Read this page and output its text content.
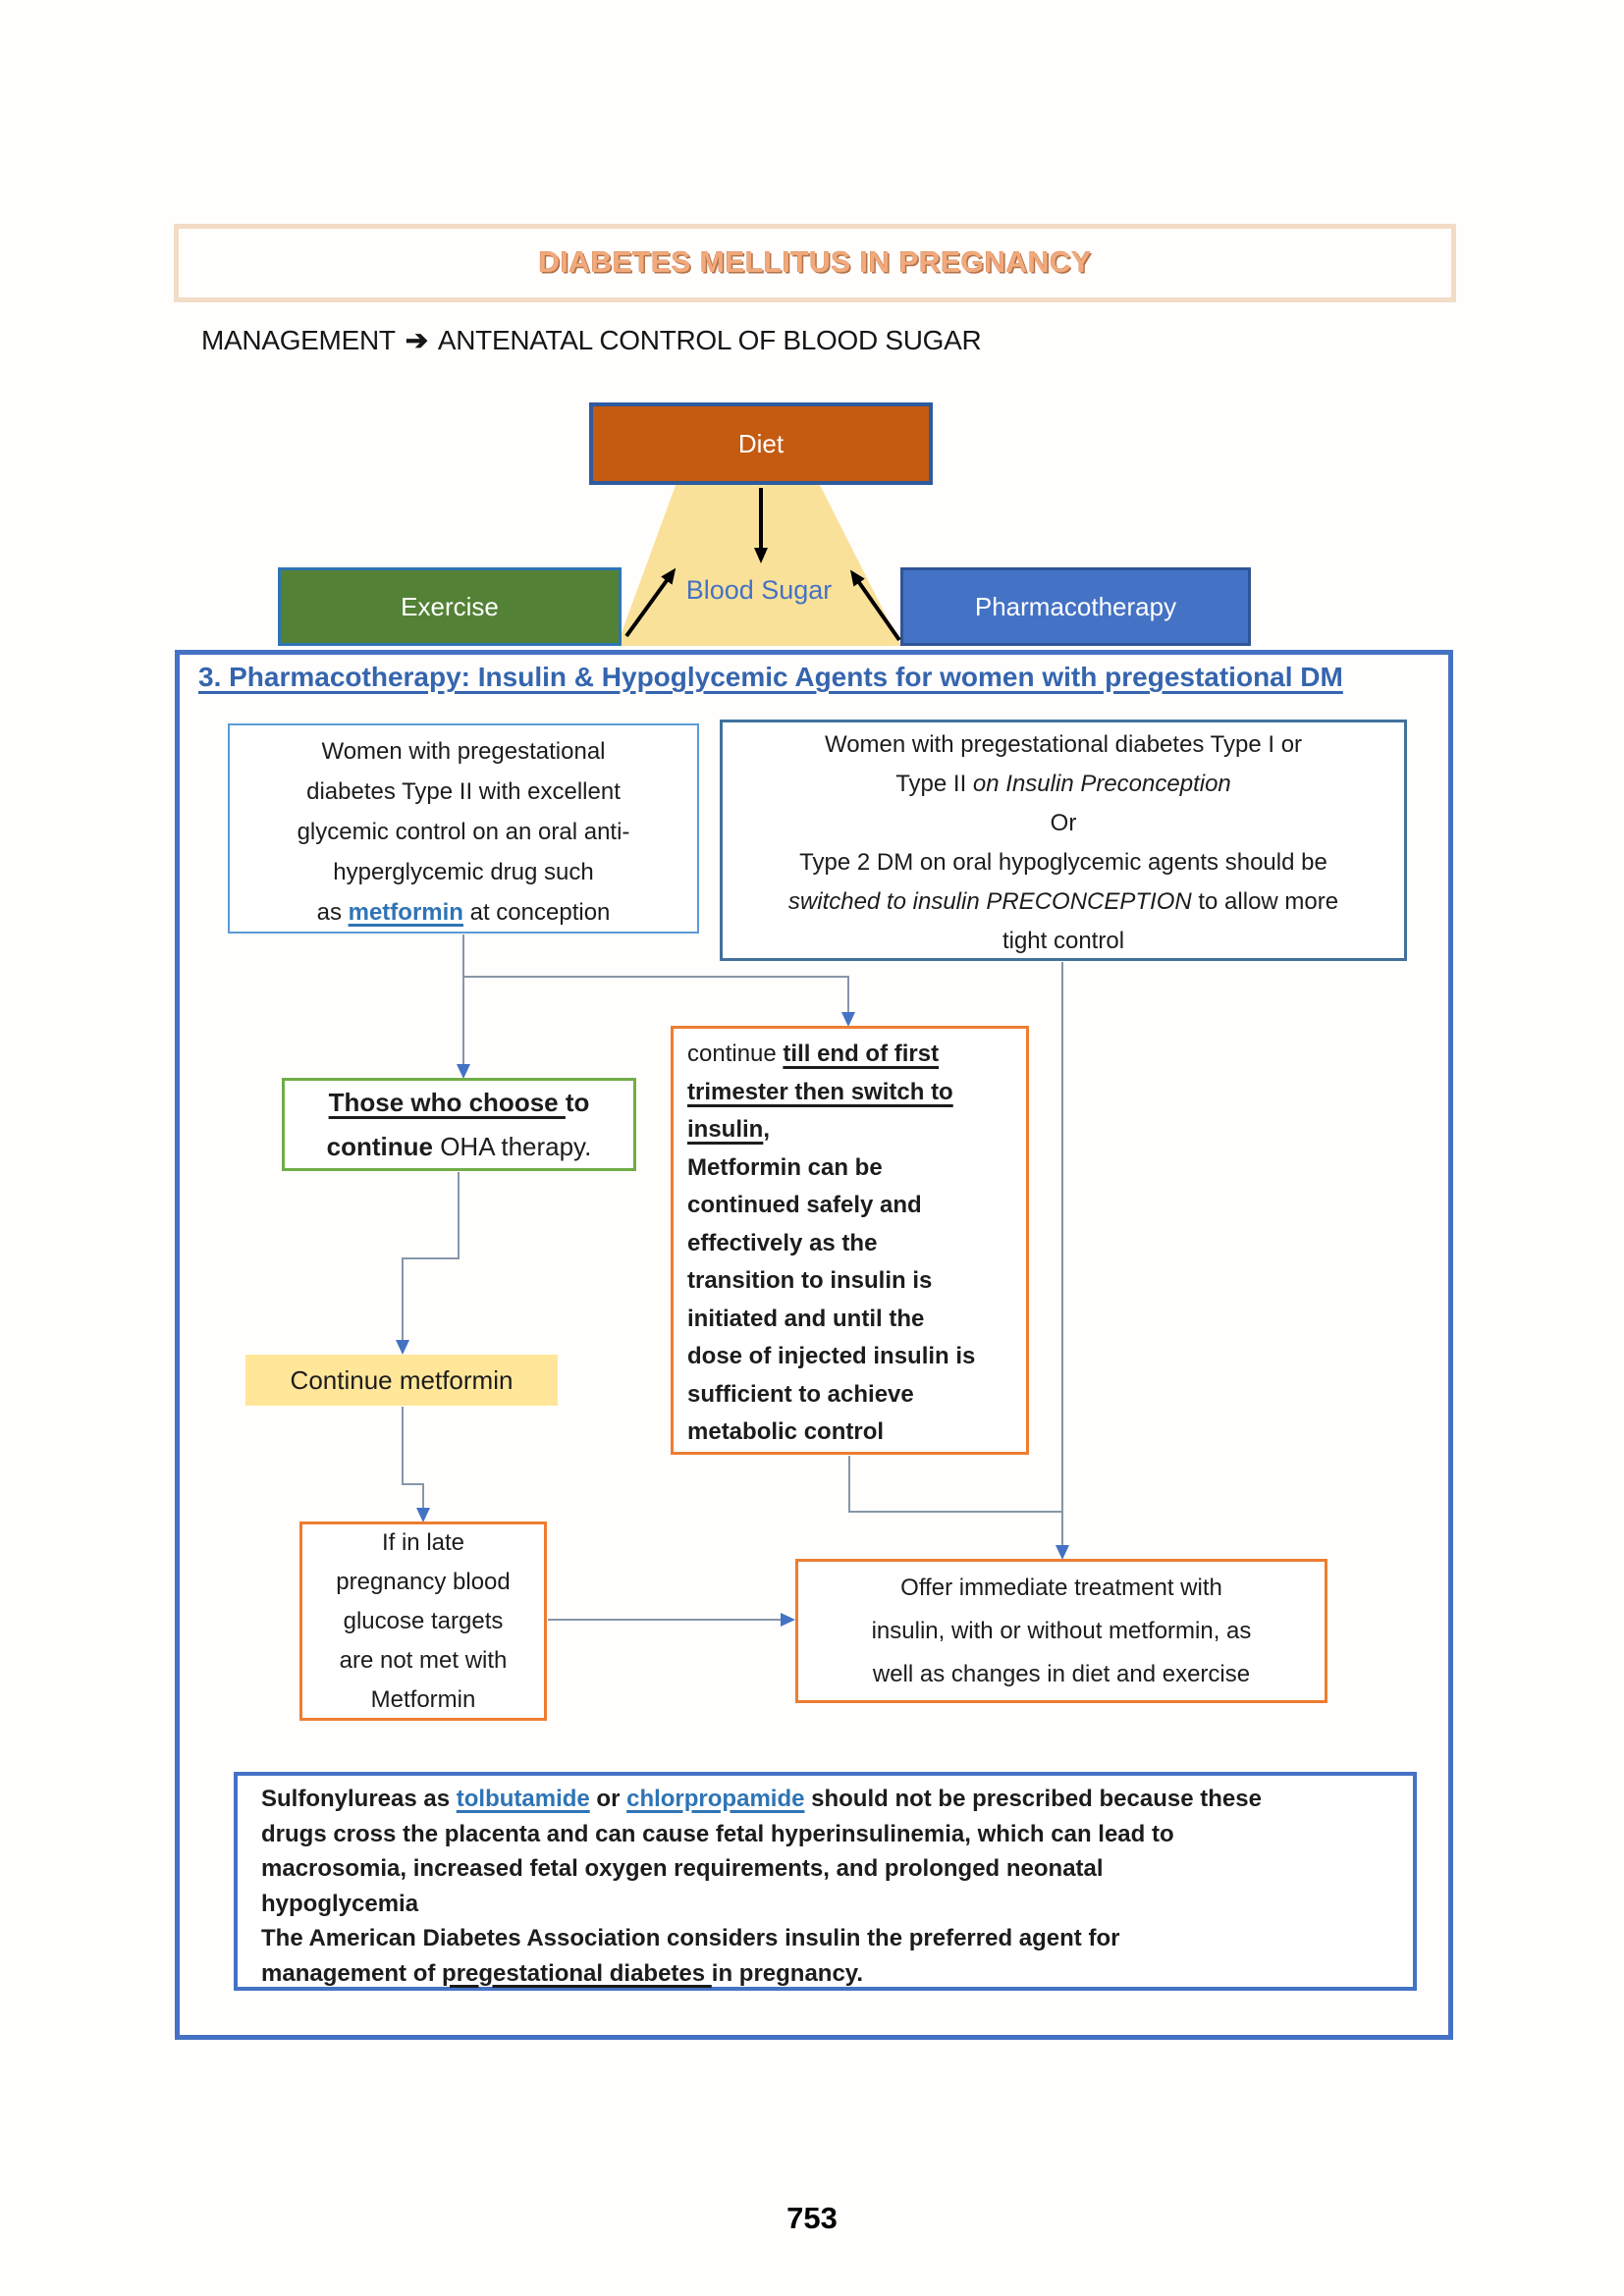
DIABETES MELLITUS IN PREGNANCY
MANAGEMENT ➔ ANTENATAL CONTROL OF BLOOD SUGAR
Diet
Exercise	Pharmacotherapy
Blood Sugar
3. Pharmacotherapy: Insulin & Hypoglycemic Agents for women with pregestational DM
Women with pregestational
diabetes Type II with excellent
glycemic control on an oral anti-
hyperglycemic drug such
as metformin at conception
Women with pregestational diabetes Type I or
Type II on Insulin Preconception
Or
Type 2 DM on oral hypoglycemic agents should be
switched to insulin PRECONCEPTION to allow more
tight control
Those who choose to
continue OHA therapy.
continue till end of first
trimester then switch to
insulin,
Metformin can be
continued safely and
effectively as the
transition to insulin is
initiated and until the
dose of injected insulin is
sufficient to achieve
metabolic control
Continue metformin
If in late
pregnancy blood
glucose targets
are not met with
Metformin
Offer immediate treatment with
insulin, with or without metformin, as
well as changes in diet and exercise
Sulfonylureas as tolbutamide or chlorpropamide should not be prescribed because these
drugs cross the placenta and can cause fetal hyperinsulinemia, which can lead to
macrosomia, increased fetal oxygen requirements, and prolonged neonatal
hypoglycemia
The American Diabetes Association considers insulin the preferred agent for
management of pregestational diabetes in pregnancy.
753
